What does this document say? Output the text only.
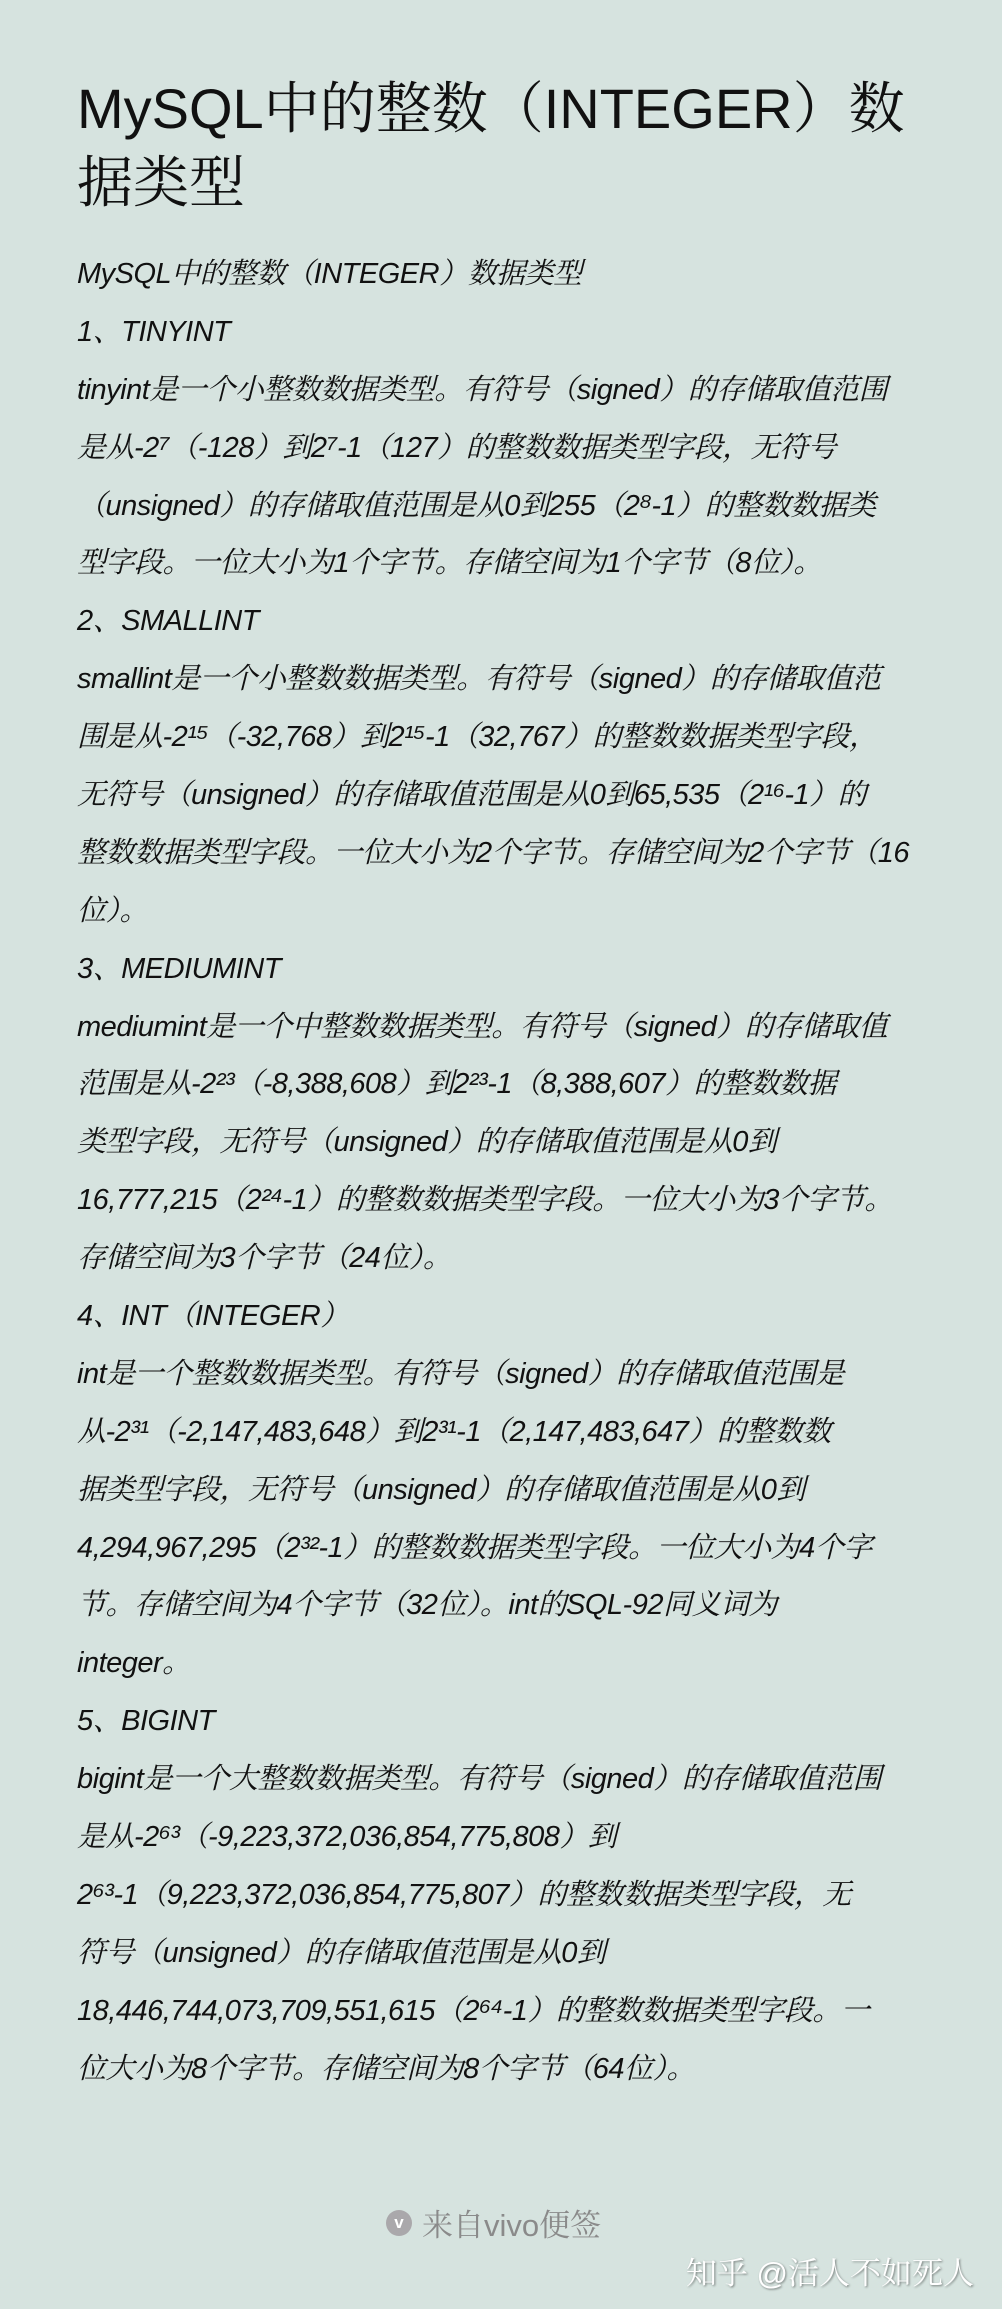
MySQL中的整数（INTEGER）数据类型
MySQL中的整数（INTEGER）数据类型
1、TINYINT
tinyint是一个小整数数据类型。有符号（signed）的存储取值范围
是从-2⁷（-128）到2⁷-1（127）的整数数据类型字段，无符号
（unsigned）的存储取值范围是从0到255（2⁸-1）的整数数据类
型字段。一位大小为1个字节。存储空间为1个字节（8位）。
2、SMALLINT
smallint是一个小整数数据类型。有符号（signed）的存储取值范
围是从-2¹⁵（-32,768）到2¹⁵-1（32,767）的整数数据类型字段，
无符号（unsigned）的存储取值范围是从0到65,535（2¹⁶-1）的
整数数据类型字段。一位大小为2个字节。存储空间为2个字节（16
位）。
3、MEDIUMINT
mediumint是一个中整数数据类型。有符号（signed）的存储取值
范围是从-2²³（-8,388,608）到2²³-1（8,388,607）的整数数据
类型字段，无符号（unsigned）的存储取值范围是从0到
16,777,215（2²⁴-1）的整数数据类型字段。一位大小为3个字节。
存储空间为3个字节（24位）。
4、INT（INTEGER）
int是一个整数数据类型。有符号（signed）的存储取值范围是
从-2³¹（-2,147,483,648）到2³¹-1（2,147,483,647）的整数数
据类型字段，无符号（unsigned）的存储取值范围是从0到
4,294,967,295（2³²-1）的整数数据类型字段。一位大小为4个字
节。存储空间为4个字节（32位）。int的SQL-92同义词为
integer。
5、BIGINT
bigint是一个大整数数据类型。有符号（signed）的存储取值范围
是从-2⁶³（-9,223,372,036,854,775,808）到
2⁶³-1（9,223,372,036,854,775,807）的整数数据类型字段，无
符号（unsigned）的存储取值范围是从0到
18,446,744,073,709,551,615（2⁶⁴-1）的整数数据类型字段。一
位大小为8个字节。存储空间为8个字节（64位）。
v 来自vivo便签
知乎 @活人不如死人
